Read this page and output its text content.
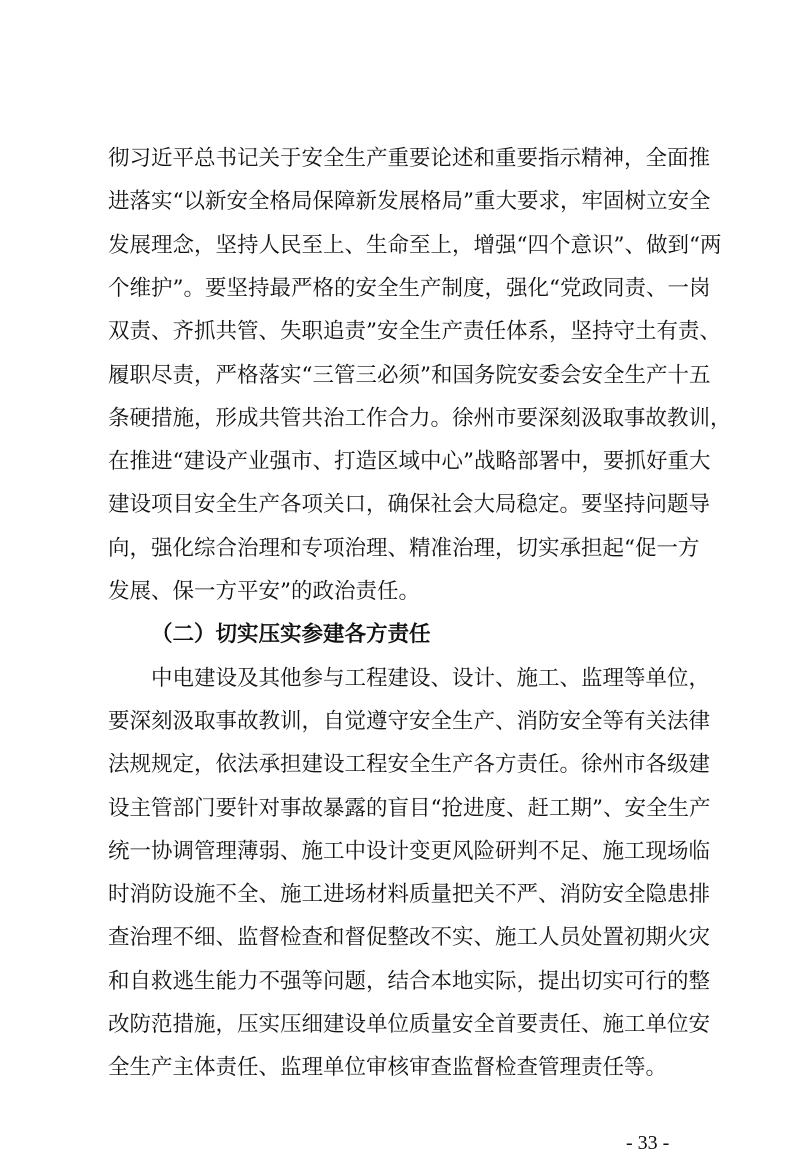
彻习近平总书记关于安全生产重要论述和重要指示精神，全面推
进落实“以新安全格局保障新发展格局”重大要求，牢固树立安全
发展理念，坚持人民至上、生命至上，增强“四个意识”、做到“两
个维护”。要坚持最严格的安全生产制度，强化“党政同责、一岗
双责、齐抓共管、失职追责”安全生产责任体系，坚持守土有责、
履职尽责，严格落实“三管三必须”和国务院安委会安全生产十五
条硬措施，形成共管共治工作合力。徐州市要深刻汲取事故教训，
在推进“建设产业强市、打造区域中心”战略部署中，要抓好重大
建设项目安全生产各项关口，确保社会大局稳定。要坚持问题导
向，强化综合治理和专项治理、精准治理，切实承担起“促一方
发展、保一方平安”的政治责任。
（二）切实压实参建各方责任
中电建设及其他参与工程建设、设计、施工、监理等单位，
要深刻汲取事故教训，自觉遵守安全生产、消防安全等有关法律
法规规定，依法承担建设工程安全生产各方责任。徐州市各级建
设主管部门要针对事故暴露的盲目“抢进度、赶工期”、安全生产
统一协调管理薄弱、施工中设计变更风险研判不足、施工现场临
时消防设施不全、施工进场材料质量把关不严、消防安全隐患排
查治理不细、监督检查和督促整改不实、施工人员处置初期火灾
和自救逃生能力不强等问题，结合本地实际，提出切实可行的整
改防范措施，压实压细建设单位质量安全首要责任、施工单位安
全生产主体责任、监理单位审核审查监督检查管理责任等。
- 33 -
